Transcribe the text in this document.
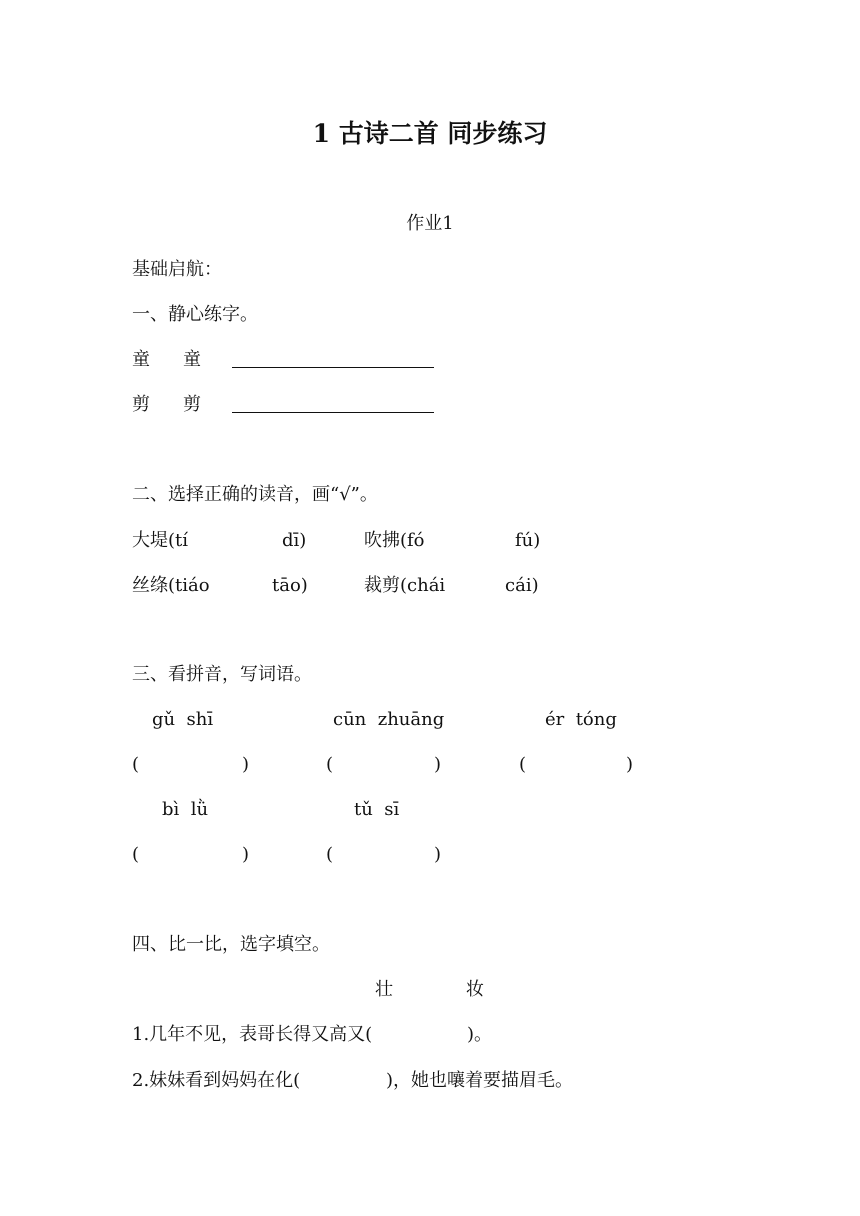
1 古诗二首 同步练习
作业1
基础启航：
一、静心练字。
童 童
剪 剪
二、选择正确的读音，画“√”。
大堤(tí	dī)	吹拂(fó	fú)
丝绦(tiáo	tāo)	裁剪(chái	cái)
三、看拼音，写词语。
gǔ  shī	cūn  zhuāng	ér  tóng
(	)	(	)	(	)
bì  lǜ	tǔ  sī
(	)	(	)
四、比一比，选字填空。
壮	妆
1.几年不见，表哥长得又高又(	)。
2.妹妹看到妈妈在化(	)，她也嚷着要描眉毛。
